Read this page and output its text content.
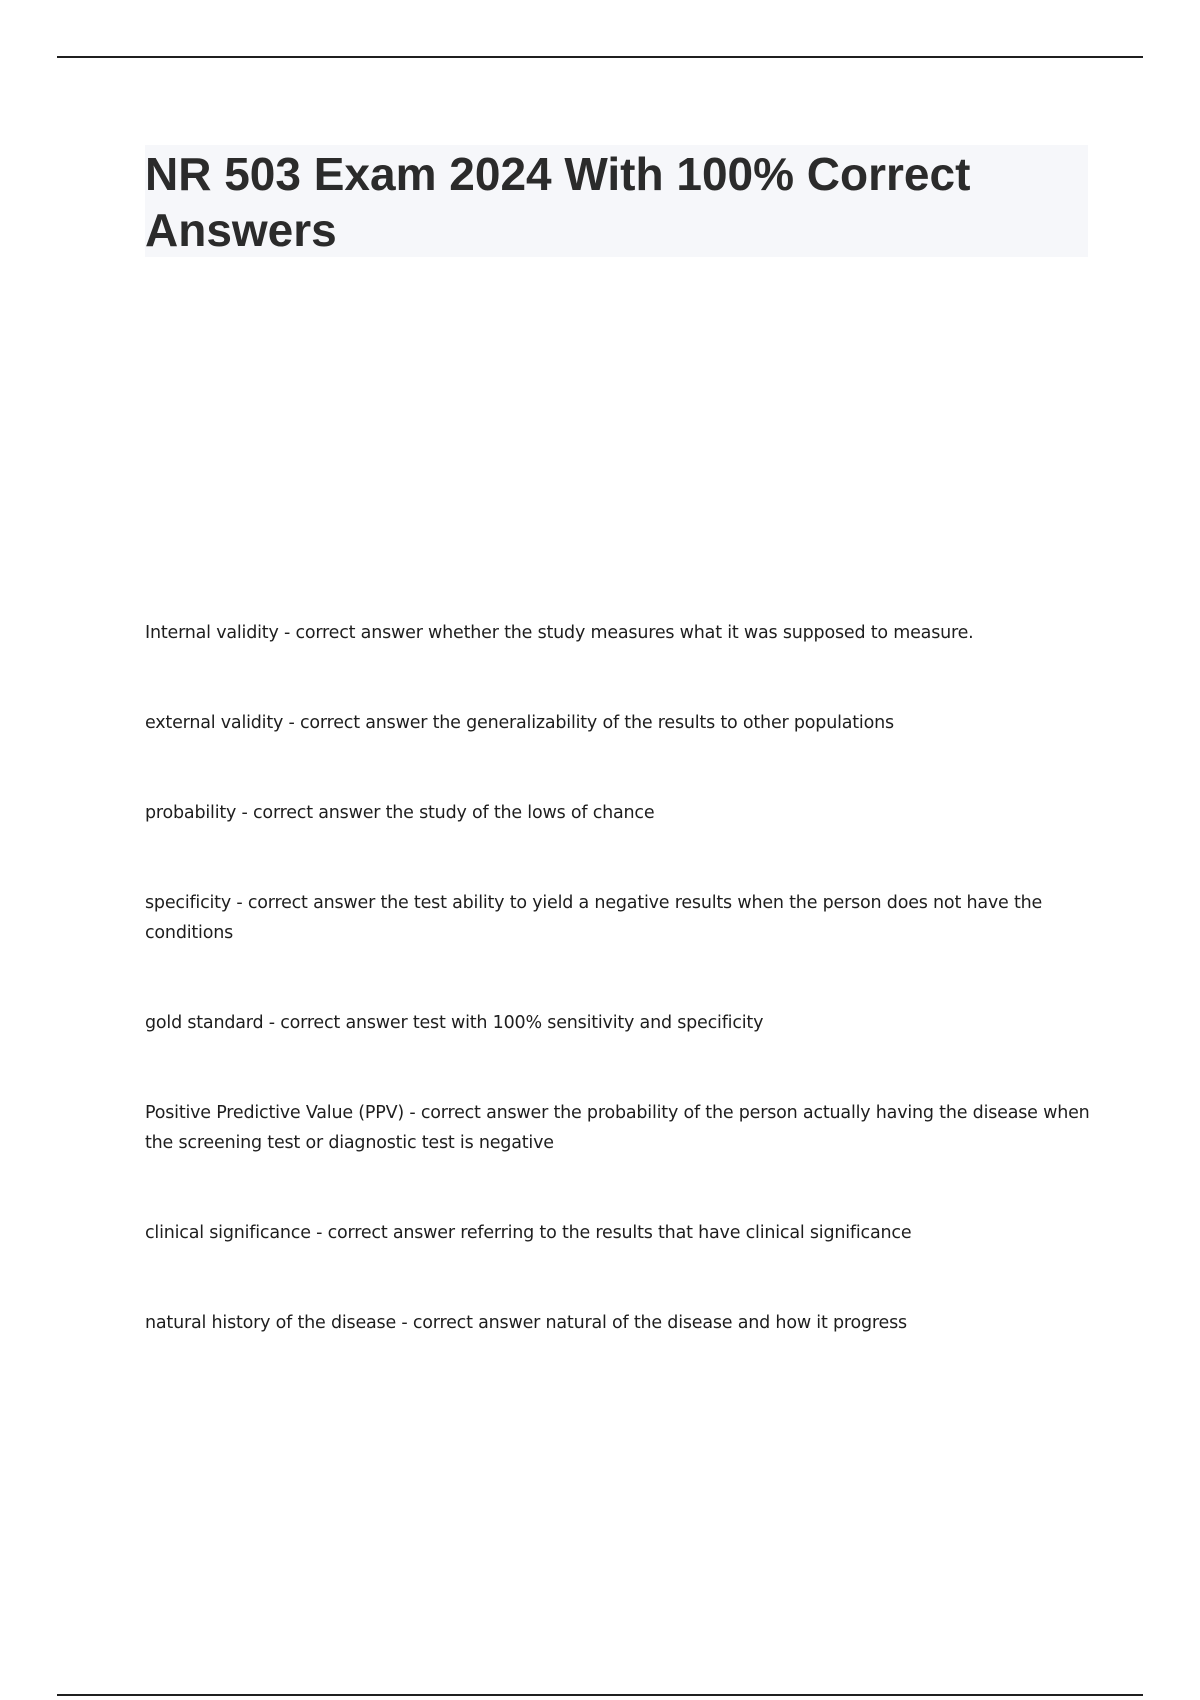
NR 503 Exam 2024 With 100% Correct Answers
Internal validity - correct answer whether the study measures what it was supposed to measure.
external validity - correct answer the generalizability of the results to other populations
probability - correct answer the study of the lows of chance
specificity - correct answer the test ability to yield a negative results when the person does not have the conditions
gold standard - correct answer test with 100% sensitivity and specificity
Positive Predictive Value (PPV) - correct answer the probability of the person actually having the disease when the screening test or diagnostic test is negative
clinical significance - correct answer referring to the results that have clinical significance
natural history of the disease - correct answer natural of the disease and how it progress
